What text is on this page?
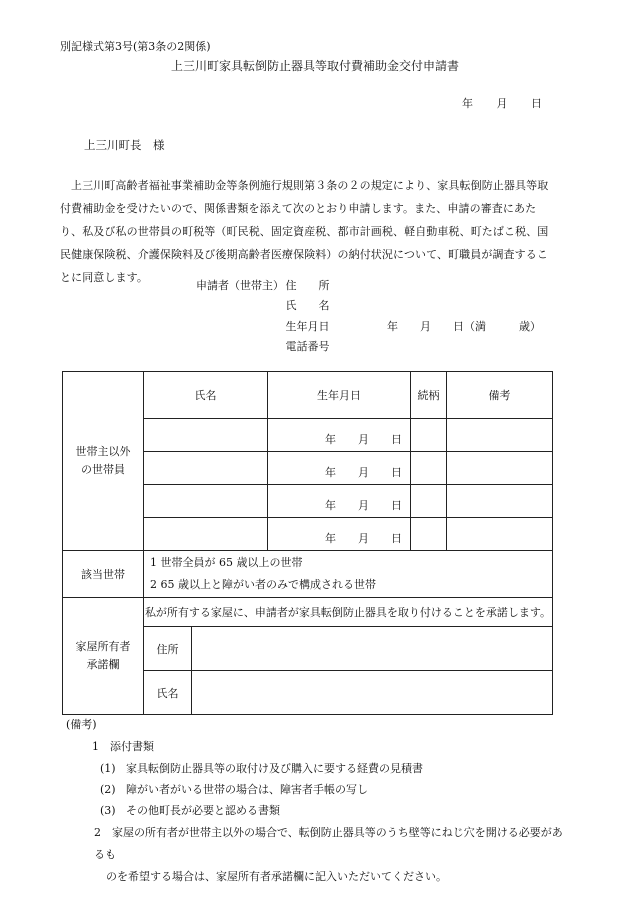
別記様式第3号(第3条の2関係)
上三川町家具転倒防止器具等取付費補助金交付申請書
年 月 日
上三川町長　様
上三川町高齢者福祉事業補助金等条例施行規則第３条の２の規定により、家具転倒防止器具等取付費補助金を受けたいので、関係書類を添えて次のとおり申請します。また、申請の審査にあたり、私及び私の世帯員の町税等（町民税、固定資産税、都市計画税、軽自動車税、町たばこ税、国民健康保険税、介護保険料及び後期高齢者医療保険料）の納付状況について、町職員が調査することに同意します。
申請者（世帯主） 住　　所
氏　　名
生年月日	年　　月　　日（満　　　歳）
電話番号
世帯主以外の世帯員	氏名		生年月日	続柄	備考
			年 月 日		
			年 月 日		
			年 月 日		
			年 月 日		
該当世帯	1 世帯全員が 65 歳以上の世帯
2 65 歳以上と障がい者のみで構成される世帯				

家屋所有者承諾欄	私が所有する家屋に、申請者が家具転倒防止器具を取り付けることを承諾します。				
	住所				
	氏名				
(備考)
1　添付書類
(1) 家具転倒防止器具等の取付け及び購入に要する経費の見積書
(2) 障がい者がいる世帯の場合は、障害者手帳の写し
(3) その他町長が必要と認める書類
2　家屋の所有者が世帯主以外の場合で、転倒防止器具等のうち壁等にねじ穴を開ける必要があるも
のを希望する場合は、家屋所有者承諾欄に記入いただいてください。
